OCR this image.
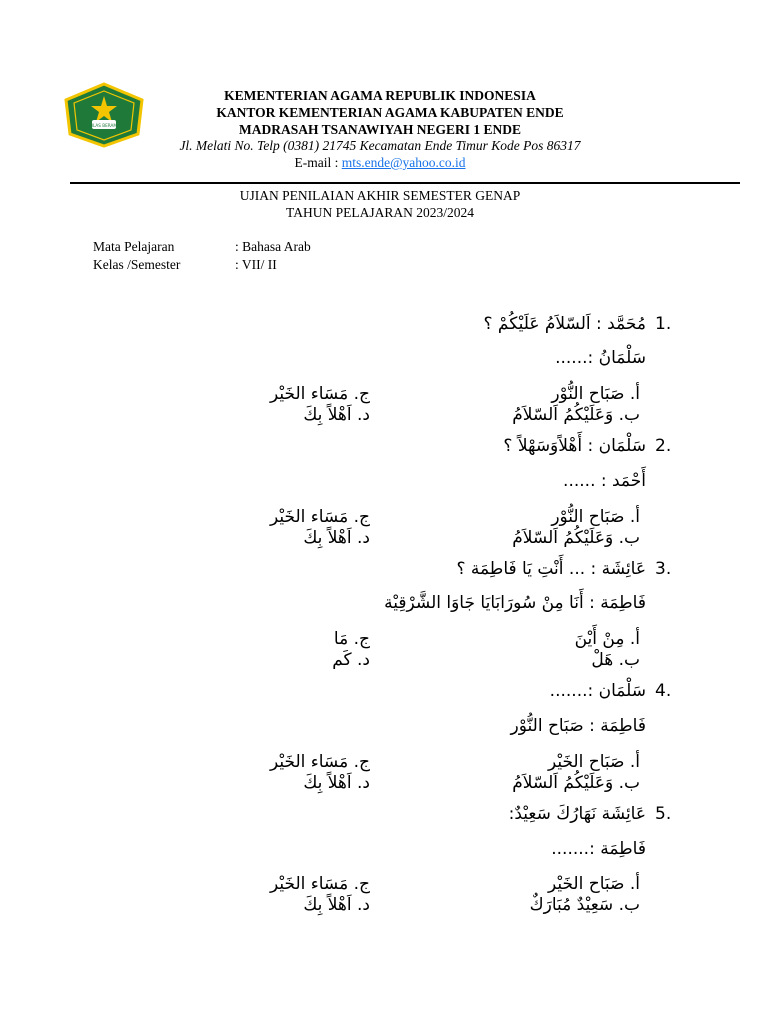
IKHLAS BERAMAL
KEMENTERIAN AGAMA REPUBLIK INDONESIA
KANTOR KEMENTERIAN AGAMA KABUPATEN ENDE
MADRASAH TSANAWIYAH NEGERI 1 ENDE
Jl. Melati No. Telp (0381) 21745 Kecamatan Ende Timur Kode Pos 86317
E-mail : mts.ende@yahoo.co.id
UJIAN PENILAIAN AKHIR SEMESTER GENAP
TAHUN PELAJARAN 2023/2024
Mata Pelajaran	: Bahasa Arab
Kelas /Semester	: VII/ II
1.
مُحَمَّد : اَلسّلاَمُ عَلَيْكُمْ ؟
سَلْمَانُ :......
أ. صَبَاح النُّوْر
ب. وَعَلَيْكُمُ اَلسّلاَمُ
ج. مَسَاء الخَيْر
د. اَهْلاً بِكَ
2.
سَلْمَان : أَهْلاًوَسَهْلاً ؟
أَحْمَد : ......
أ. صَبَاح النُّوْر
ب. وَعَلَيْكُمُ اَلسّلاَمُ
ج. مَسَاء الخَيْر
د. اَهْلاً بِكَ
3.
عَائِشَة : ... أَنْتِ يَا فَاطِمَة ؟
فَاطِمَة : أَنَا مِنْ سُورَابَايَا جَاوَا الشَّرْقِيْة
أ. مِنْ أَيْنَ
ب. هَلْ
ج. مَا
د. كَم
4.
سَلْمَان :.......
فَاطِمَة : صَبَاح النُّوْر
أ. صَبَاح الخَيْر
ب. وَعَلَيْكُمُ اَلسّلاَمُ
ج. مَسَاء الخَيْر
د. اَهْلاً بِكَ
5.
عَائِشَة نَهَارُكَ سَعِيْدٌ:
فَاطِمَة :.......
أ. صَبَاح الخَيْر
ب. سَعِيْدٌ مُبَارَكٌ
ج. مَسَاء الخَيْر
د. اَهْلاً بِكَ
